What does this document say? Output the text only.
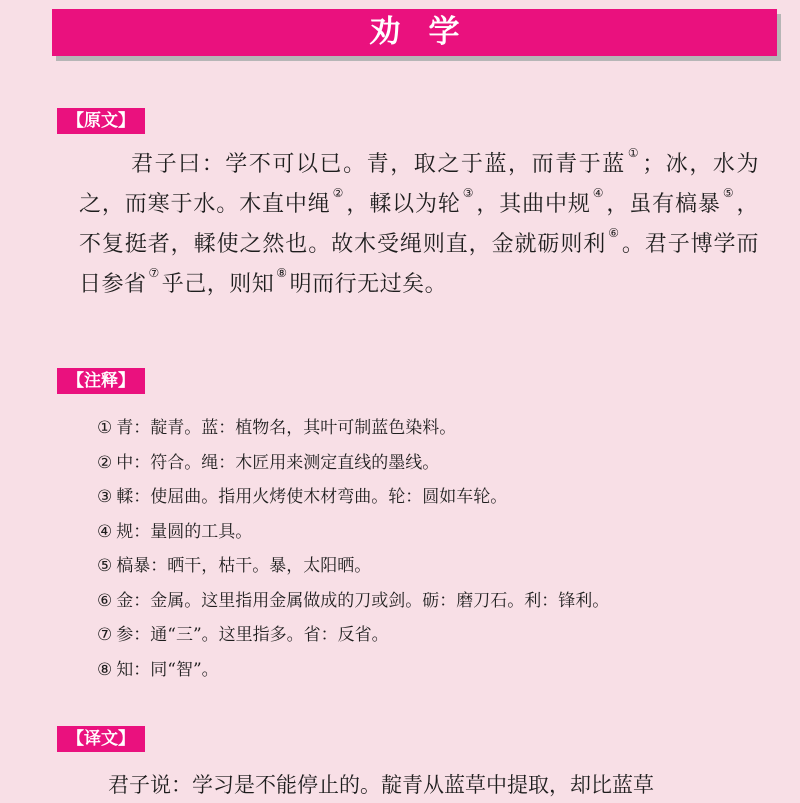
劝学
【原文】

君子曰：学不可以已。青，取之于蓝，而青于蓝 ①；冰，水为之，而寒于水。木直中绳 ②，輮以为轮 ③，其曲中规 ④，虽有槁暴 ⑤，不复挺者，輮使之然也。故木受绳则直，金就砺则利 ⑥。君子博学而日参省 ⑦乎己，则知 ⑧明而行无过矣。

【注释】
① 青：靛青。蓝：植物名，其叶可制蓝色染料。
② 中：符合。绳：木匠用来测定直线的墨线。
③ 輮：使屈曲。指用火烤使木材弯曲。轮：圆如车轮。
④ 规：量圆的工具。
⑤ 槁暴：晒干，枯干。暴，太阳晒。
⑥ 金：金属。这里指用金属做成的刀或剑。砺：磨刀石。利：锋利。
⑦ 参：通“三”。这里指多。省：反省。
⑧ 知：同“智”。
【译文】

君子说：学习是不能停止的。靛青从蓝草中提取，却比蓝草
